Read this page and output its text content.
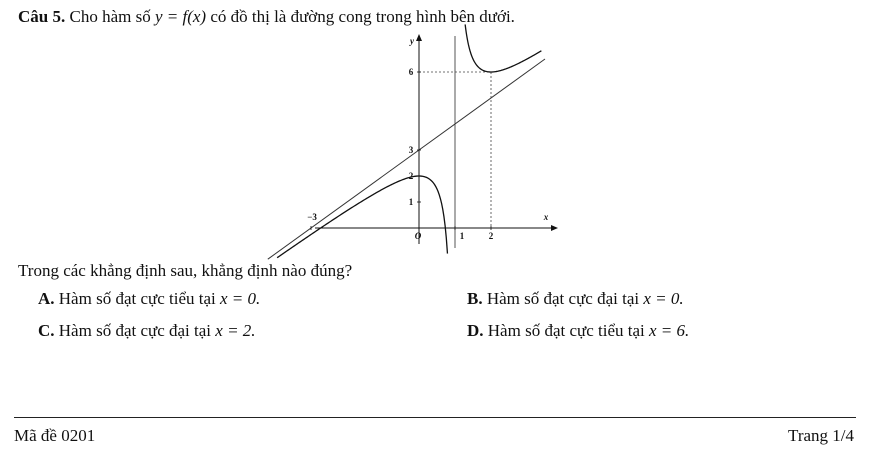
Câu 5. Cho hàm số y = f(x) có đồ thị là đường cong trong hình bên dưới.
−3
1	2
1
2
3
6
O
x
y
Trong các khẳng định sau, khẳng định nào đúng?
A. Hàm số đạt cực tiểu tại x = 0.	B. Hàm số đạt cực đại tại x = 0.
C. Hàm số đạt cực đại tại x = 2.	D. Hàm số đạt cực tiểu tại x = 6.
Mã đề 0201	Trang 1/4
